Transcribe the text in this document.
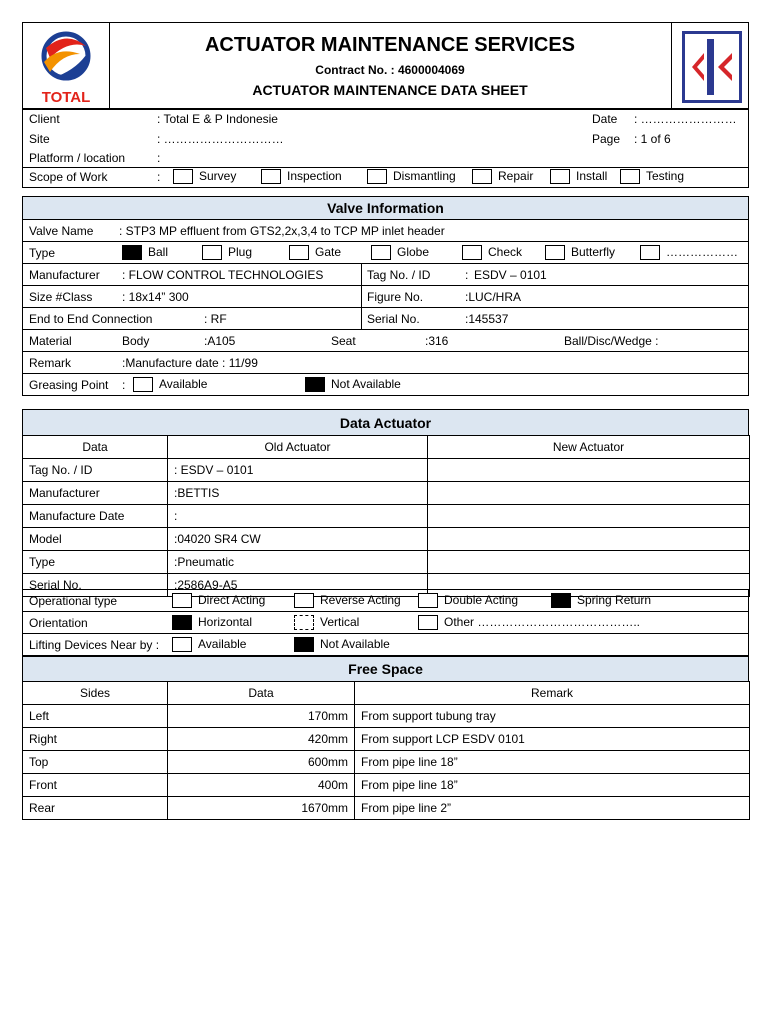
TOTAL
ACTUATOR MAINTENANCE SERVICES
Contract No. : 4600004069
ACTUATOR MAINTENANCE DATA SHEET
Client	: Total E & P Indonesie
Site	: …………………………
Platform / location	:
Date : ……………………
Page : 1 of 6
Scope of Work	:	Survey	Inspection	Dismantling	Repair	Install	Testing
Valve Information
Valve Name : STP3 MP effluent from GTS2,2x,3,4 to TCP MP inlet header
Type	Ball	Plug	Gate	Globe	Check	Butterfly	………………
Manufacturer : FLOW CONTROL TECHNOLOGIES	Tag No. / ID	: ESDV – 0101
Size #Class : 18x14” 300	Figure No.	:LUC/HRA
End to End Connection	: RF	Serial No.	:145537
Material	Body	:A105	Seat	:316	Ball/Disc/Wedge :
Remark	:Manufacture date : 11/99
Greasing Point :	Available	Not Available
Data Actuator
Data	Old Actuator	New Actuator
Tag No. / ID	: ESDV – 0101	
Manufacturer	:BETTIS	
Manufacture Date	:	
Model	:04020 SR4 CW	
Type	:Pneumatic	
Serial No.	:2586A9-A5	
Operational type	Direct Acting	Reverse Acting	Double Acting	Spring Return
Orientation	Horizontal	Vertical	Other …………………………………..
Lifting Devices Near by :	Available	Not Available
Free Space
Sides	Data	Remark
Left	170mm	From support tubung tray
Right	420mm	From support LCP ESDV 0101
Top	600mm	From pipe line 18”
Front	400m	From pipe line 18”
Rear	1670mm	From pipe line 2”
